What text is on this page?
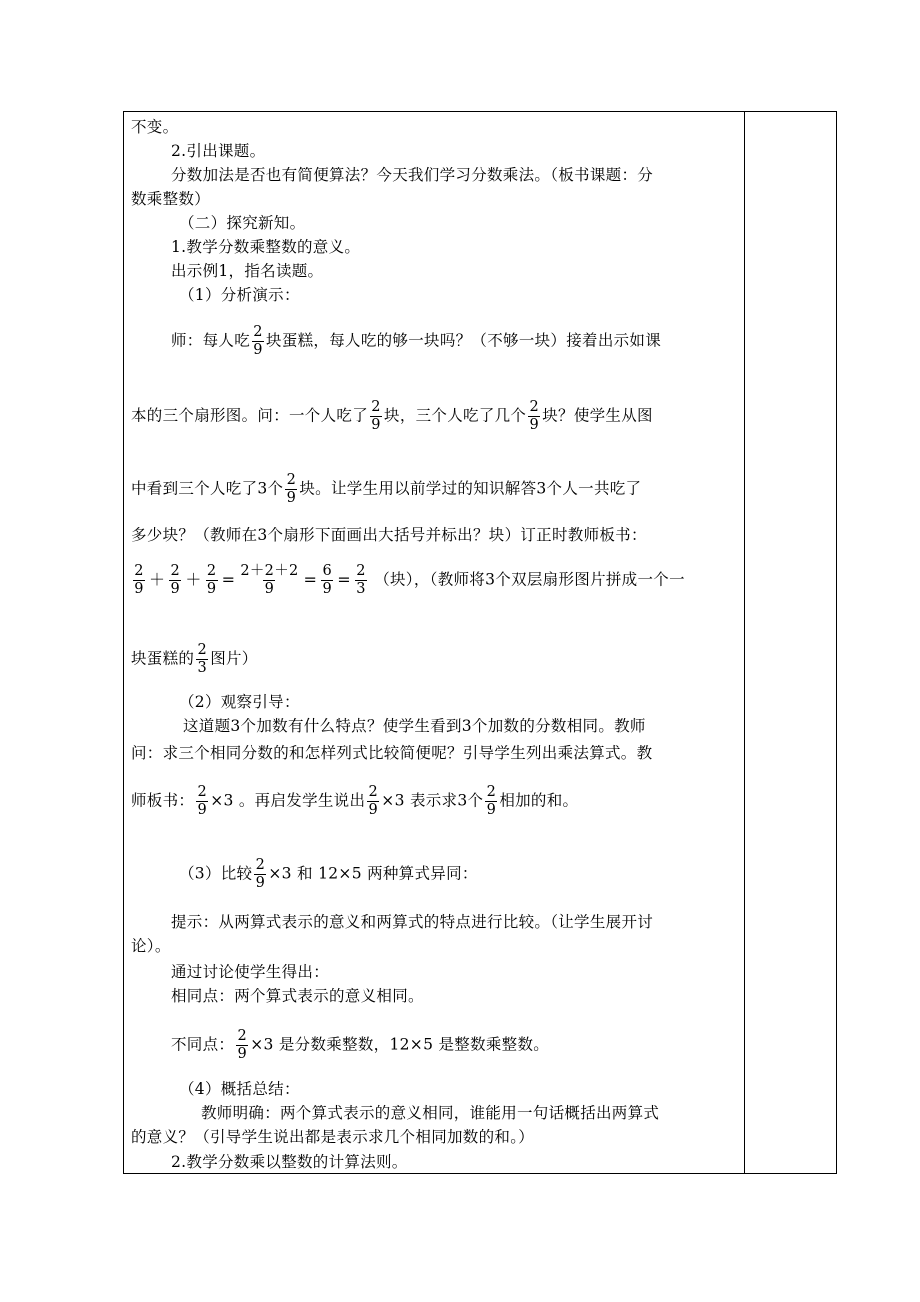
不变。
2.引出课题。
分数加法是否也有简便算法？今天我们学习分数乘法。（板书课题：分
数乘整数）
（二）探究新知。
1.教学分数乘整数的意义。
出示例1，指名读题。
（1）分析演示：
师：每人吃 $\frac{2}{9}$ 块蛋糕，每人吃的够一块吗？（不够一块）接着出示如课
本的三个扇形图。问：一个人吃了 $\frac{2}{9}$ 块，三个人吃了几个 $\frac{2}{9}$ 块？使学生从图
中看到三个人吃了3个 $\frac{2}{9}$ 块。让学生用以前学过的知识解答3个人一共吃了
多少块？（教师在3个扇形下面画出大括号并标出？块）订正时教师板书：
$\frac{2}{9} + \frac{2}{9} + \frac{2}{9} = \frac{2+2+2}{9} = \frac{6}{9} = \frac{2}{3}$ （块），（教师将3个双层扇形图片拼成一个一
块蛋糕的 $\frac{2}{3}$ 图片）
（2）观察引导：
这道题3个加数有什么特点？使学生看到3个加数的分数相同。教师
问：求三个相同分数的和怎样列式比较简便呢？引导学生列出乘法算式。教
师板书： $\frac{2}{9} \times 3$ 。再启发学生说出 $\frac{2}{9} \times 3$ 表示求3个 $\frac{2}{9}$ 相加的和。
（3）比较 $\frac{2}{9} \times 3$ 和 12×5 两种算式异同：
提示：从两算式表示的意义和两算式的特点进行比较。（让学生展开讨
论）。
通过讨论使学生得出：
相同点：两个算式表示的意义相同。
不同点： $\frac{2}{9} \times 3$ 是分数乘整数，12×5 是整数乘整数。
（4）概括总结：
教师明确：两个算式表示的意义相同，谁能用一句话概括出两算式
的意义？（引导学生说出都是表示求几个相同加数的和。）
2.教学分数乘以整数的计算法则。
